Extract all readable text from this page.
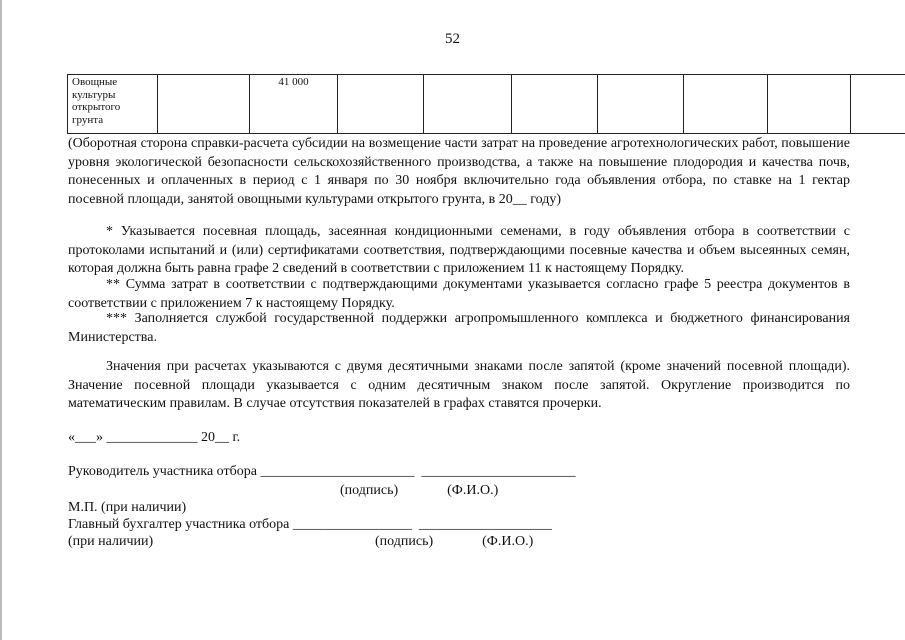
52
Овощные культуры открытого грунта		41 000							
(Оборотная сторона справки-расчета субсидии на возмещение части затрат на проведение агротехнологических работ, повышение уровня экологической безопасности сельскохозяйственного производства, а также на повышение плодородия и качества почв, понесенных и оплаченных в период с 1 января по 30 ноября включительно года объявления отбора, по ставке на 1 гектар посевной площади, занятой овощными культурами открытого грунта, в 20__ году)
* Указывается посевная площадь, засеянная кондиционными семенами, в году объявления отбора в соответствии с протоколами испытаний и (или) сертификатами соответствия, подтверждающими посевные качества и объем высеянных семян, которая должна быть равна графе 2 сведений в соответствии с приложением 11 к настоящему Порядку.
** Сумма затрат в соответствии с подтверждающими документами указывается согласно графе 5 реестра документов в соответствии с приложением 7 к настоящему Порядку.
*** Заполняется службой государственной поддержки агропромышленного комплекса и бюджетного финансирования Министерства.
Значения при расчетах указываются с двумя десятичными знаками после запятой (кроме значений посевной площади). Значение посевной площади указывается с одним десятичным знаком после запятой. Округление производится по математическим правилам. В случае отсутствия показателей в графах ставятся прочерки.
«___» _____________ 20__ г.
Руководитель участника отбора ______________________  ______________________
(подпись)              (Ф.И.О.)
М.П. (при наличии)
Главный бухгалтер участника отбора _________________  ___________________
(при наличии)	(подпись)              (Ф.И.О.)
